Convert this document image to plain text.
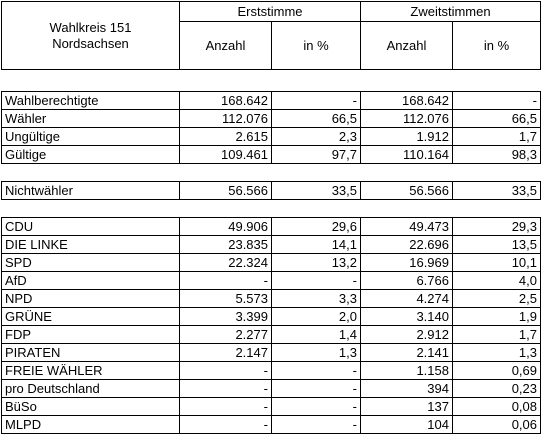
Wahlkreis 151
Nordsachsen	Erststimme		Zweitstimmen	
	Anzahl	in %	Anzahl	in %

Wahlberechtigte	168.642	-	168.642	-
Wähler	112.076	66,5	112.076	66,5
Ungültige	2.615	2,3	1.912	1,7
Gültige	109.461	97,7	110.164	98,3

Nichtwähler	56.566	33,5	56.566	33,5

CDU	49.906	29,6	49.473	29,3
DIE LINKE	23.835	14,1	22.696	13,5
SPD	22.324	13,2	16.969	10,1
AfD	-	-	6.766	4,0
NPD	5.573	3,3	4.274	2,5
GRÜNE	3.399	2,0	3.140	1,9
FDP	2.277	1,4	2.912	1,7
PIRATEN	2.147	1,3	2.141	1,3
FREIE WÄHLER	-	-	1.158	0,69
pro Deutschland	-	-	394	0,23
BüSo	-	-	137	0,08
MLPD	-	-	104	0,06
